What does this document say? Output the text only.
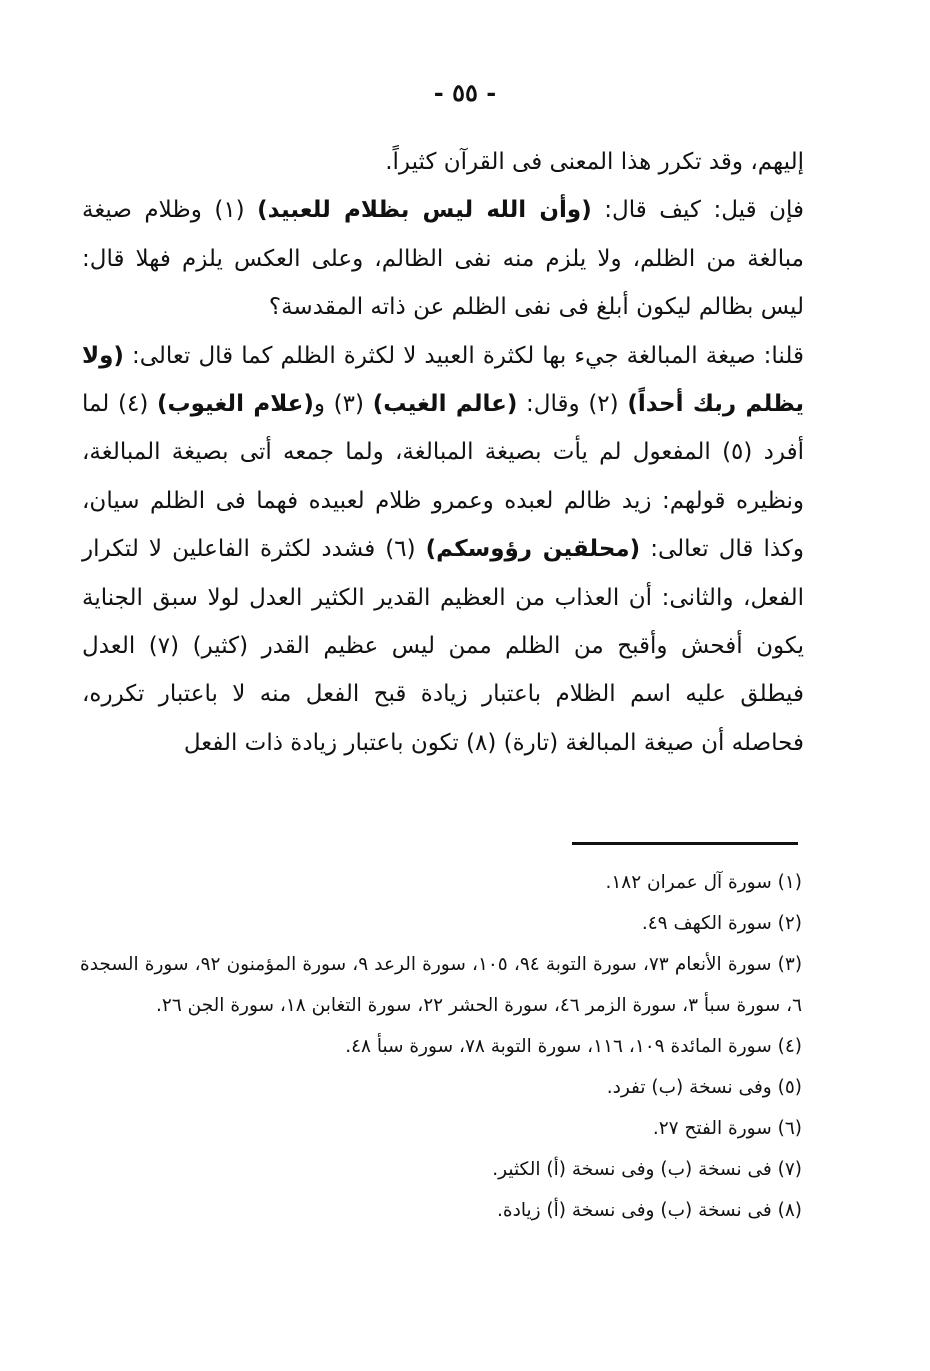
- ٥٥ -

إليهم، وقد تكرر هذا المعنى فى القرآن كثيراً.

فإن قيل: كيف قال: (وأن الله ليس بظلام للعبيد) (١) وظلام صيغة مبالغة من الظلم، ولا يلزم منه نفى الظالم، وعلى العكس يلزم فهلا قال: ليس بظالم ليكون أبلغ فى نفى الظلم عن ذاته المقدسة؟

قلنا: صيغة المبالغة جيء بها لكثرة العبيد لا لكثرة الظلم كما قال تعالى: (ولا يظلم ربك أحداً) (٢) وقال: (عالم الغيب) (٣) و(علام الغيوب) (٤) لما أفرد (٥) المفعول لم يأت بصيغة المبالغة، ولما جمعه أتى بصيغة المبالغة، ونظيره قولهم: زيد ظالم لعبده وعمرو ظلام لعبيده فهما فى الظلم سيان، وكذا قال تعالى: (محلقين رؤوسكم) (٦) فشدد لكثرة الفاعلين لا لتكرار الفعل، والثانى: أن العذاب من العظيم القدير الكثير العدل لولا سبق الجناية يكون أفحش وأقبح من الظلم ممن ليس عظيم القدر (كثير) (٧) العدل فيطلق عليه اسم الظلام باعتبار زيادة قبح الفعل منه لا باعتبار تكرره، فحاصله أن صيغة المبالغة (تارة) (٨) تكون باعتبار زيادة ذات الفعل

(١) سورة آل عمران ١٨٢.

(٢) سورة الكهف ٤٩.

(٣) سورة الأنعام ٧٣، سورة التوبة ٩٤، ١٠٥، سورة الرعد ٩، سورة المؤمنون ٩٢، سورة السجدة ٦، سورة سبأ ٣، سورة الزمر ٤٦، سورة الحشر ٢٢، سورة التغابن ١٨، سورة الجن ٢٦.

(٤) سورة المائدة ١٠٩، ١١٦، سورة التوبة ٧٨، سورة سبأ ٤٨.

(٥) وفى نسخة (ب) تفرد.

(٦) سورة الفتح ٢٧.

(٧) فى نسخة (ب) وفى نسخة (أ) الكثير.

(٨) فى نسخة (ب) وفى نسخة (أ) زيادة.
